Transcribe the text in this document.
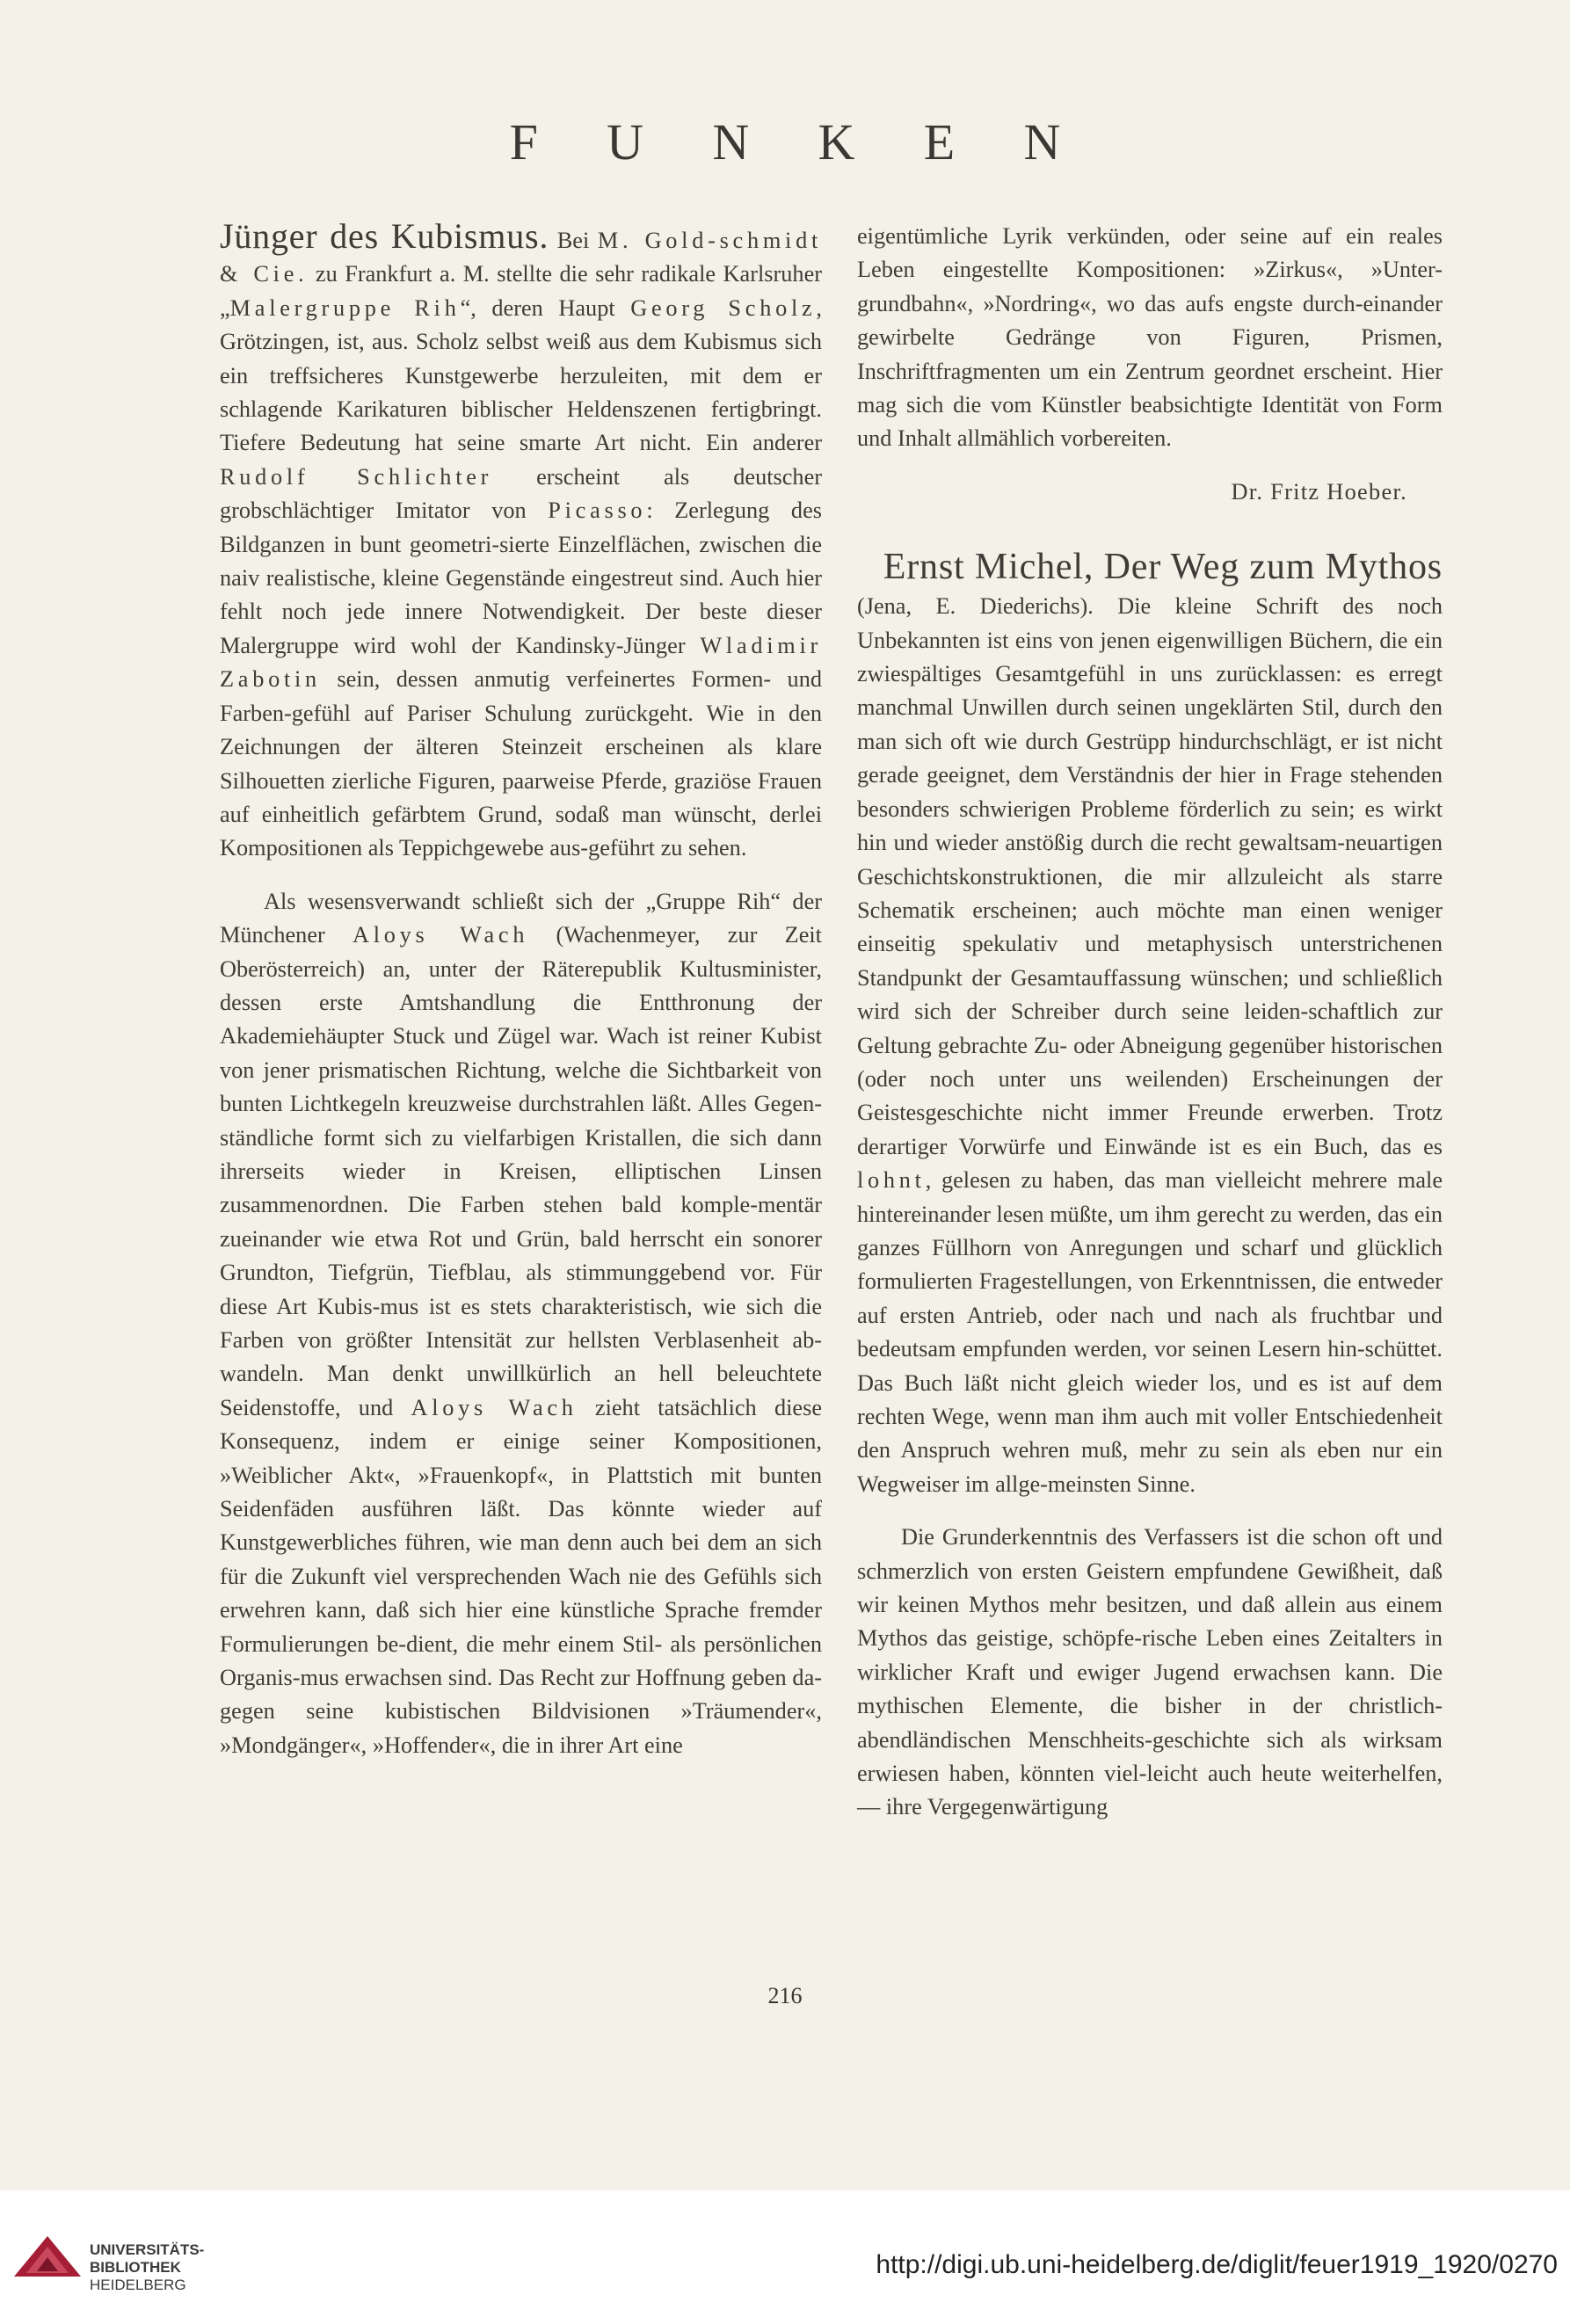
F U N K E N

Jünger des Kubismus. Bei M. Gold-schmidt & Cie. zu Frankfurt a. M. stellte die sehr radikale Karlsruher „Malergruppe Rih“, deren Haupt Georg Scholz, Grötzingen, ist, aus. Scholz selbst weiß aus dem Kubismus sich ein treffsicheres Kunstgewerbe herzuleiten, mit dem er schlagende Karikaturen biblischer Heldenszenen fertigbringt. Tiefere Bedeutung hat seine smarte Art nicht. Ein anderer Rudolf Schlichter erscheint als deutscher grobschlächtiger Imitator von Picasso: Zerlegung des Bildganzen in bunt geometri-sierte Einzelflächen, zwischen die naiv realistische, kleine Gegenstände eingestreut sind. Auch hier fehlt noch jede innere Notwendigkeit. Der beste dieser Malergruppe wird wohl der Kandinsky-Jünger Wladimir Zabotin sein, dessen anmutig verfeinertes Formen- und Farben-gefühl auf Pariser Schulung zurückgeht. Wie in den Zeichnungen der älteren Steinzeit erscheinen als klare Silhouetten zierliche Figuren, paarweise Pferde, graziöse Frauen auf einheitlich gefärbtem Grund, sodaß man wünscht, derlei Kompositionen als Teppichgewebe aus-geführt zu sehen.

Als wesensverwandt schließt sich der „Gruppe Rih“ der Münchener Aloys Wach (Wachenmeyer, zur Zeit Oberösterreich) an, unter der Räterepublik Kultusminister, dessen erste Amtshandlung die Entthronung der Akademiehäupter Stuck und Zügel war. Wach ist reiner Kubist von jener prismatischen Richtung, welche die Sichtbarkeit von bunten Lichtkegeln kreuzweise durchstrahlen läßt. Alles Gegen-ständliche formt sich zu vielfarbigen Kristallen, die sich dann ihrerseits wieder in Kreisen, elliptischen Linsen zusammenordnen. Die Farben stehen bald komple-mentär zueinander wie etwa Rot und Grün, bald herrscht ein sonorer Grundton, Tiefgrün, Tiefblau, als stimmunggebend vor. Für diese Art Kubis-mus ist es stets charakteristisch, wie sich die Farben von größter Intensität zur hellsten Verblasenheit ab-wandeln. Man denkt unwillkürlich an hell beleuchtete Seidenstoffe, und Aloys Wach zieht tatsächlich diese Konsequenz, indem er einige seiner Kompositionen, »Weiblicher Akt«, »Frauenkopf«, in Plattstich mit bunten Seidenfäden ausführen läßt. Das könnte wieder auf Kunstgewerbliches führen, wie man denn auch bei dem an sich für die Zukunft viel versprechenden Wach nie des Gefühls sich erwehren kann, daß sich hier eine künstliche Sprache fremder Formulierungen be-dient, die mehr einem Stil- als persönlichen Organis-mus erwachsen sind. Das Recht zur Hoffnung geben da-gegen seine kubistischen Bildvisionen »Träumender«, »Mondgänger«, »Hoffender«, die in ihrer Art eine

eigentümliche Lyrik verkünden, oder seine auf ein reales Leben eingestellte Kompositionen: »Zirkus«, »Unter-grundbahn«, »Nordring«, wo das aufs engste durch-einander gewirbelte Gedränge von Figuren, Prismen, Inschriftfragmenten um ein Zentrum geordnet erscheint. Hier mag sich die vom Künstler beabsichtigte Identität von Form und Inhalt allmählich vorbereiten.

Dr. Fritz Hoeber.
Ernst Michel, Der Weg zum Mythos

(Jena, E. Diederichs). Die kleine Schrift des noch Unbekannten ist eins von jenen eigenwilligen Büchern, die ein zwiespältiges Gesamtgefühl in uns zurücklassen: es erregt manchmal Unwillen durch seinen ungeklärten Stil, durch den man sich oft wie durch Gestrüpp hindurchschlägt, er ist nicht gerade geeignet, dem Verständnis der hier in Frage stehenden besonders schwierigen Probleme förderlich zu sein; es wirkt hin und wieder anstößig durch die recht gewaltsam-neuartigen Geschichtskonstruktionen, die mir allzuleicht als starre Schematik erscheinen; auch möchte man einen weniger einseitig spekulativ und metaphysisch unterstrichenen Standpunkt der Gesamtauffassung wünschen; und schließlich wird sich der Schreiber durch seine leiden-schaftlich zur Geltung gebrachte Zu- oder Abneigung gegenüber historischen (oder noch unter uns weilenden) Erscheinungen der Geistesgeschichte nicht immer Freunde erwerben. Trotz derartiger Vorwürfe und Einwände ist es ein Buch, das es lohnt, gelesen zu haben, das man vielleicht mehrere male hintereinander lesen müßte, um ihm gerecht zu werden, das ein ganzes Füllhorn von Anregungen und scharf und glücklich formulierten Fragestellungen, von Erkenntnissen, die entweder auf ersten Antrieb, oder nach und nach als fruchtbar und bedeutsam empfunden werden, vor seinen Lesern hin-schüttet. Das Buch läßt nicht gleich wieder los, und es ist auf dem rechten Wege, wenn man ihm auch mit voller Entschiedenheit den Anspruch wehren muß, mehr zu sein als eben nur ein Wegweiser im allge-meinsten Sinne.

Die Grunderkenntnis des Verfassers ist die schon oft und schmerzlich von ersten Geistern empfundene Gewißheit, daß wir keinen Mythos mehr besitzen, und daß allein aus einem Mythos das geistige, schöpfe-rische Leben eines Zeitalters in wirklicher Kraft und ewiger Jugend erwachsen kann. Die mythischen Elemente, die bisher in der christlich-abendländischen Menschheits-geschichte sich als wirksam erwiesen haben, könnten viel-leicht auch heute weiterhelfen, — ihre Vergegenwärtigung

216
UNIVERSITÄTS-
BIBLIOTHEK
HEIDELBERG
http://digi.ub.uni-heidelberg.de/diglit/feuer1919_1920/0270
